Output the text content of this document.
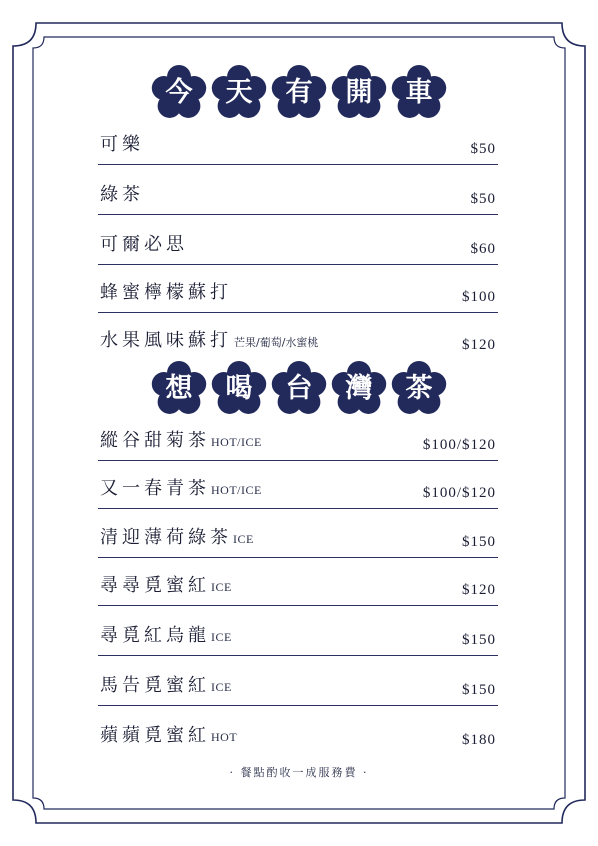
今	天	有	開	車
可樂	$50
綠茶	$50
可爾必思	$60
蜂蜜檸檬蘇打	$100
水果風味蘇打 芒果/葡萄/水蜜桃	$120
想	喝	台	灣	茶
縱谷甜菊茶HOT/ICE	$100/$120
又一春青茶HOT/ICE	$100/$120
清迎薄荷綠茶ICE	$150
尋尋覓蜜紅ICE	$120
尋覓紅烏龍ICE	$150
馬告覓蜜紅ICE	$150
蘋蘋覓蜜紅HOT	$180
· 餐點酌收一成服務費 ·
